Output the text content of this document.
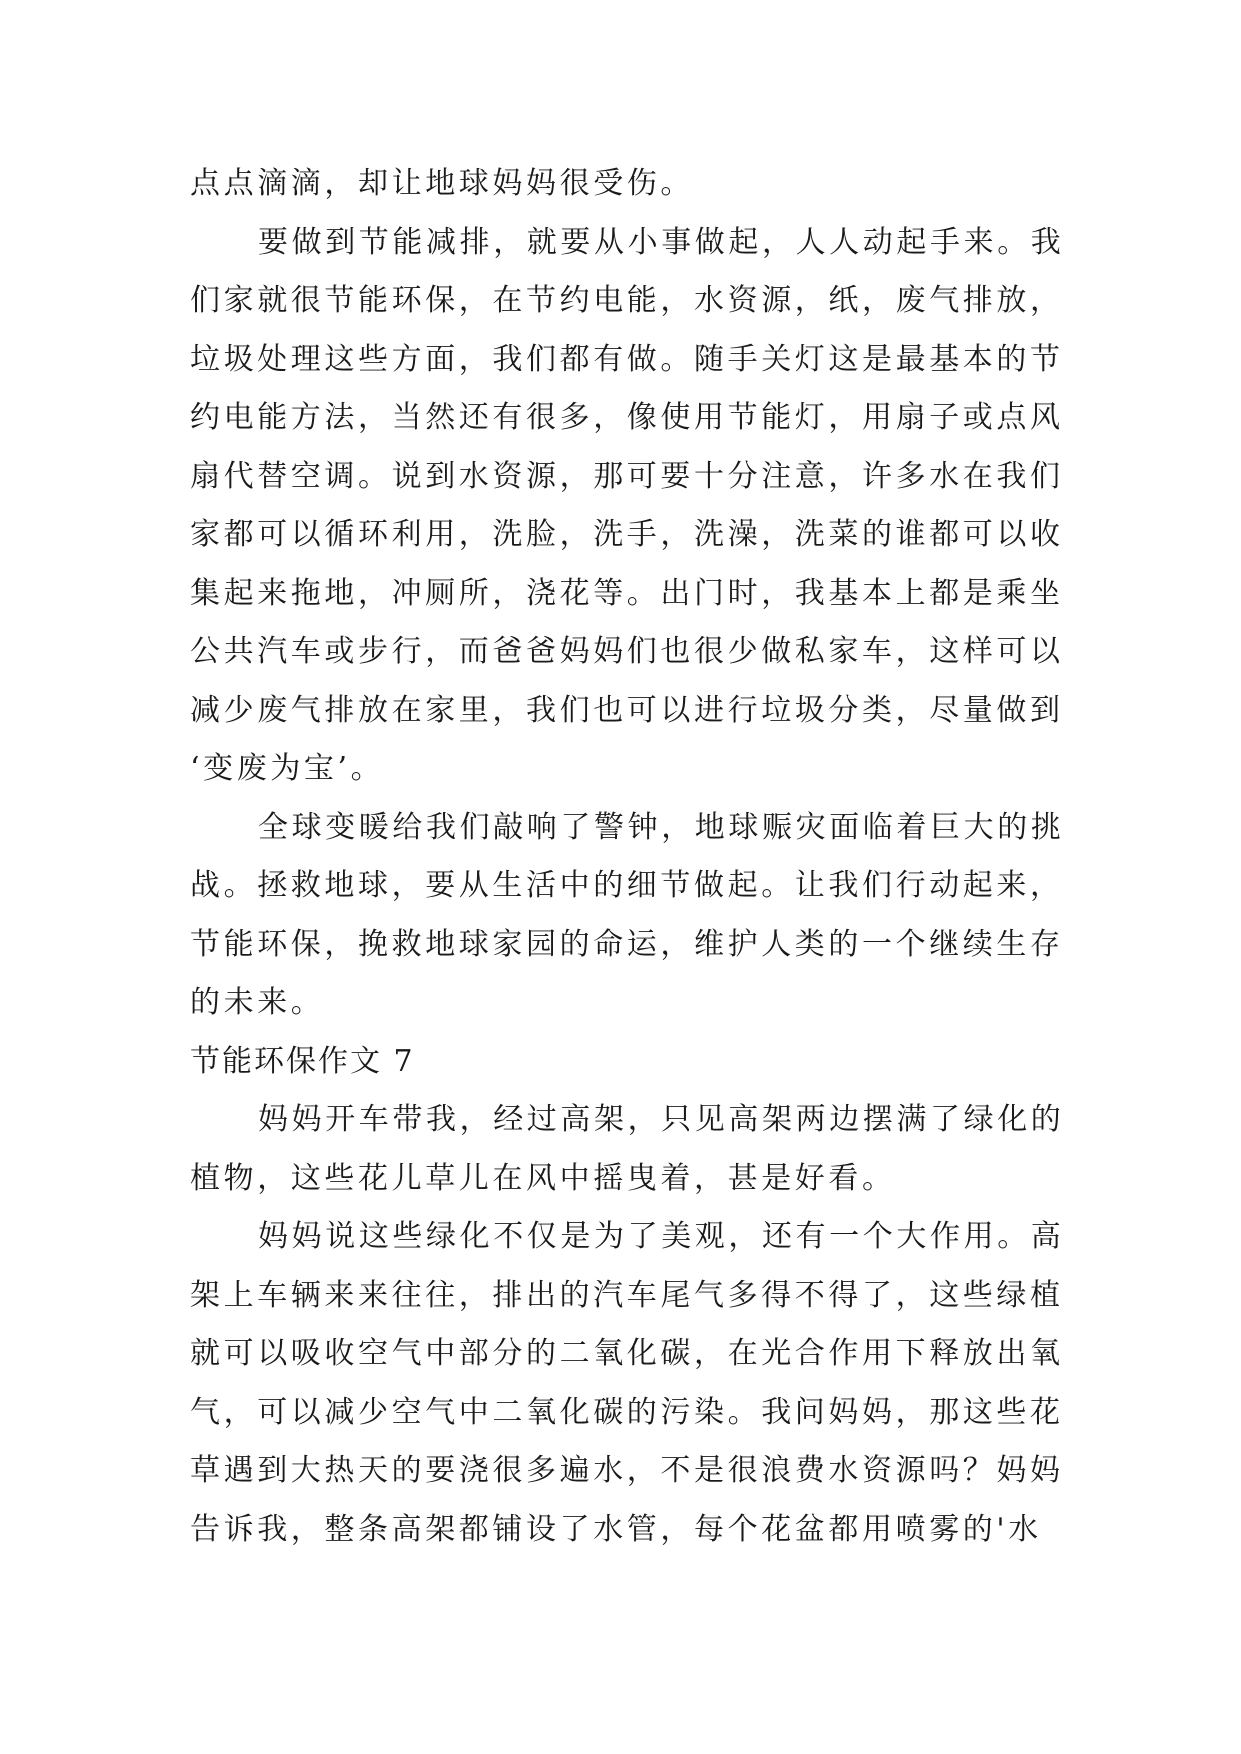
点点滴滴，却让地球妈妈很受伤。
要做到节能减排，就要从小事做起，人人动起手来。我
们家就很节能环保，在节约电能，水资源，纸，废气排放，
垃圾处理这些方面，我们都有做。随手关灯这是最基本的节
约电能方法，当然还有很多，像使用节能灯，用扇子或点风
扇代替空调。说到水资源，那可要十分注意，许多水在我们
家都可以循环利用，洗脸，洗手，洗澡，洗菜的谁都可以收
集起来拖地，冲厕所，浇花等。出门时，我基本上都是乘坐
公共汽车或步行，而爸爸妈妈们也很少做私家车，这样可以
减少废气排放在家里，我们也可以进行垃圾分类，尽量做到
‘变废为宝’。
全球变暖给我们敲响了警钟，地球赈灾面临着巨大的挑
战。拯救地球，要从生活中的细节做起。让我们行动起来，
节能环保，挽救地球家园的命运，维护人类的一个继续生存
的未来。
节能环保作文 7
妈妈开车带我，经过高架，只见高架两边摆满了绿化的
植物，这些花儿草儿在风中摇曳着，甚是好看。
妈妈说这些绿化不仅是为了美观，还有一个大作用。高
架上车辆来来往往，排出的汽车尾气多得不得了，这些绿植
就可以吸收空气中部分的二氧化碳，在光合作用下释放出氧
气，可以减少空气中二氧化碳的污染。我问妈妈，那这些花
草遇到大热天的要浇很多遍水，不是很浪费水资源吗？妈妈
告诉我，整条高架都铺设了水管，每个花盆都用喷雾的'水
